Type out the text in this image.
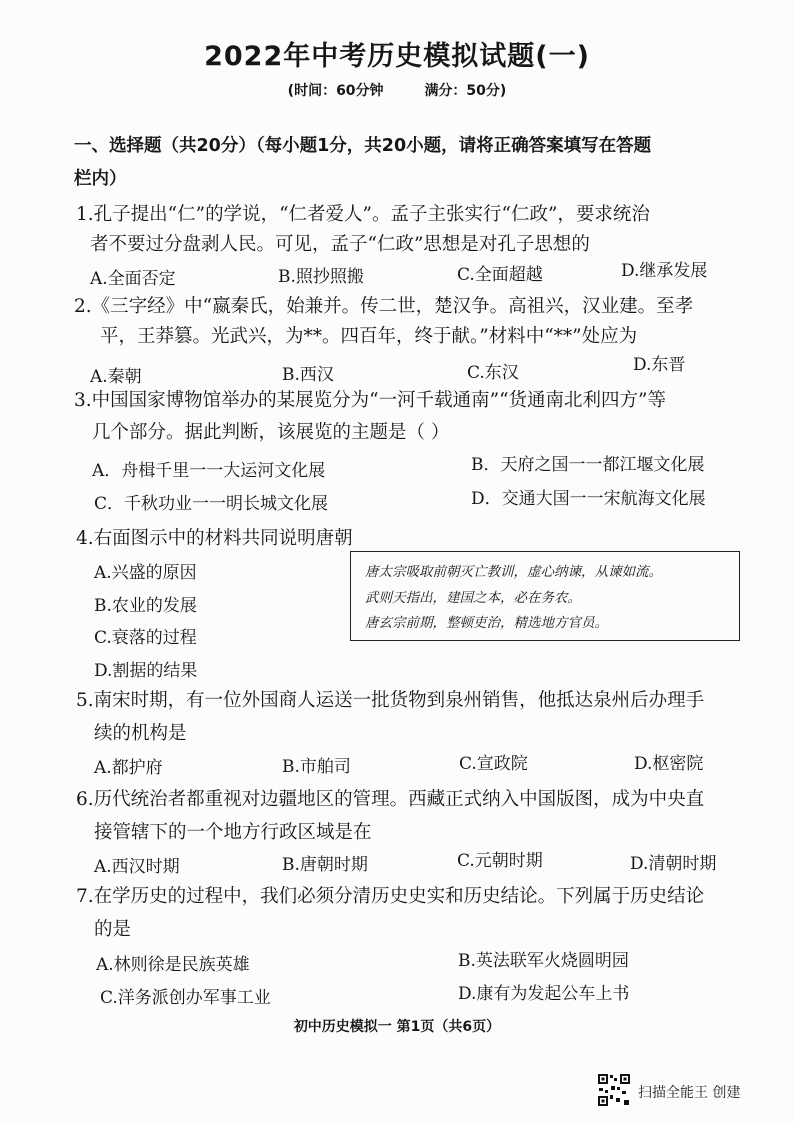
2022年中考历史模拟试题(一)
(时间：60分钟	满分：50分)
一、选择题（共20分）（每小题1分，共20小题，请将正确答案填写在答题
栏内）
1.孔子提出“仁”的学说，“仁者爱人”。孟子主张实行“仁政”，要求统治
者不要过分盘剥人民。可见，孟子“仁政”思想是对孔子思想的
A.全面否定	B.照抄照搬	C.全面超越	D.继承发展
2.《三字经》中“嬴秦氏，始兼并。传二世，楚汉争。高祖兴，汉业建。至孝
平，王莽篡。光武兴，为**。四百年，终于献。”材料中“**”处应为
A.秦朝	B.西汉	C.东汉	D.东晋
3.中国国家博物馆举办的某展览分为“一河千载通南”“货通南北利四方”等
几个部分。据此判断，该展览的主题是（ ）
A．舟楫千里一一大运河文化展	B．天府之国一一都江堰文化展
C．千秋功业一一明长城文化展	D．交通大国一一宋航海文化展
4.右面图示中的材料共同说明唐朝
A.兴盛的原因
B.农业的发展
C.衰落的过程
D.割据的结果
唐太宗吸取前朝灭亡教训，虚心纳谏，从谏如流。
武则天指出，建国之本，必在务农。
唐玄宗前期，整顿吏治，精选地方官员。
5.南宋时期，有一位外国商人运送一批货物到泉州销售，他抵达泉州后办理手
续的机构是
A.都护府	B.市舶司	C.宣政院	D.枢密院
6.历代统治者都重视对边疆地区的管理。西藏正式纳入中国版图，成为中央直
接管辖下的一个地方行政区域是在
A.西汉时期	B.唐朝时期	C.元朝时期	D.清朝时期
7.在学历史的过程中，我们必须分清历史史实和历史结论。下列属于历史结论
的是
A.林则徐是民族英雄	B.英法联军火烧圆明园
C.洋务派创办军事工业	D.康有为发起公车上书
初中历史模拟一 第1页（共6页）
扫描全能王 创建
